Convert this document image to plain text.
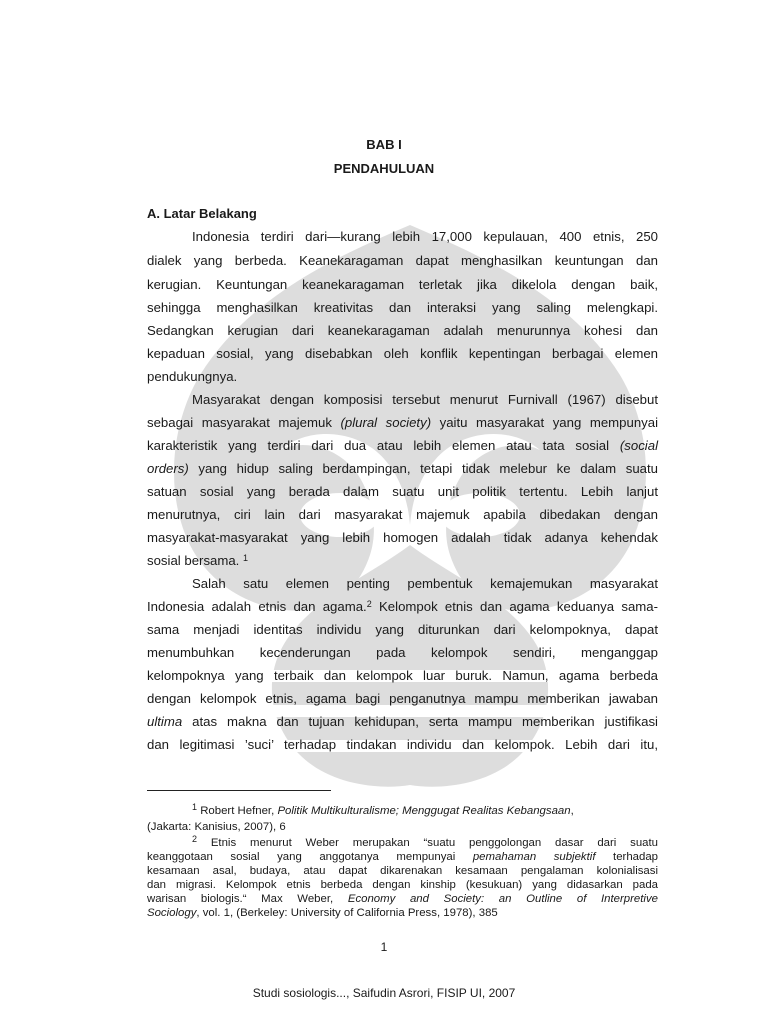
BAB I
PENDAHULUAN
A. Latar Belakang
Indonesia terdiri dari—kurang lebih 17,000 kepulauan, 400 etnis, 250
dialek yang berbeda. Keanekaragaman dapat menghasilkan keuntungan dan
kerugian. Keuntungan keanekaragaman terletak jika dikelola dengan baik,
sehingga menghasilkan kreativitas dan interaksi yang saling melengkapi.
Sedangkan kerugian dari keanekaragaman adalah menurunnya kohesi dan
kepaduan sosial, yang disebabkan oleh konflik kepentingan berbagai elemen
pendukungnya.
Masyarakat dengan komposisi tersebut menurut Furnivall (1967) disebut
sebagai masyarakat majemuk (plural society) yaitu masyarakat yang mempunyai
karakteristik yang terdiri dari dua atau lebih elemen atau tata sosial (social
orders) yang hidup saling berdampingan, tetapi tidak melebur ke dalam suatu
satuan sosial yang berada dalam suatu unit politik tertentu. Lebih lanjut
menurutnya, ciri lain dari masyarakat majemuk apabila dibedakan dengan
masyarakat-masyarakat yang lebih homogen adalah tidak adanya kehendak
sosial bersama. $^1$
Salah satu elemen penting pembentuk kemajemukan masyarakat
Indonesia adalah etnis dan agama.$^2$ Kelompok etnis dan agama keduanya sama-
sama menjadi identitas individu yang diturunkan dari kelompoknya, dapat
menumbuhkan kecenderungan pada kelompok sendiri, menganggap
kelompoknya yang terbaik dan kelompok luar buruk. Namun, agama berbeda
dengan kelompok etnis, agama bagi penganutnya mampu memberikan jawaban
ultima atas makna dan tujuan kehidupan, serta mampu memberikan justifikasi
dan legitimasi ’suci’ terhadap tindakan individu dan kelompok. Lebih dari itu,
$^1$ Robert Hefner, Politik Multikulturalisme; Menggugat Realitas Kebangsaan,
(Jakarta: Kanisius, 2007), 6
$^2$ Etnis menurut Weber merupakan “suatu penggolongan dasar dari suatu
keanggotaan sosial yang anggotanya mempunyai pemahaman subjektif terhadap
kesamaan asal, budaya, atau dapat dikarenakan kesamaan pengalaman kolonialisasi
dan migrasi. Kelompok etnis berbeda dengan kinship (kesukuan) yang didasarkan pada
warisan biologis.“ Max Weber, Economy and Society: an Outline of Interpretive
Sociology, vol. 1, (Berkeley: University of California Press, 1978), 385
1
Studi sosiologis..., Saifudin Asrori, FISIP UI, 2007
